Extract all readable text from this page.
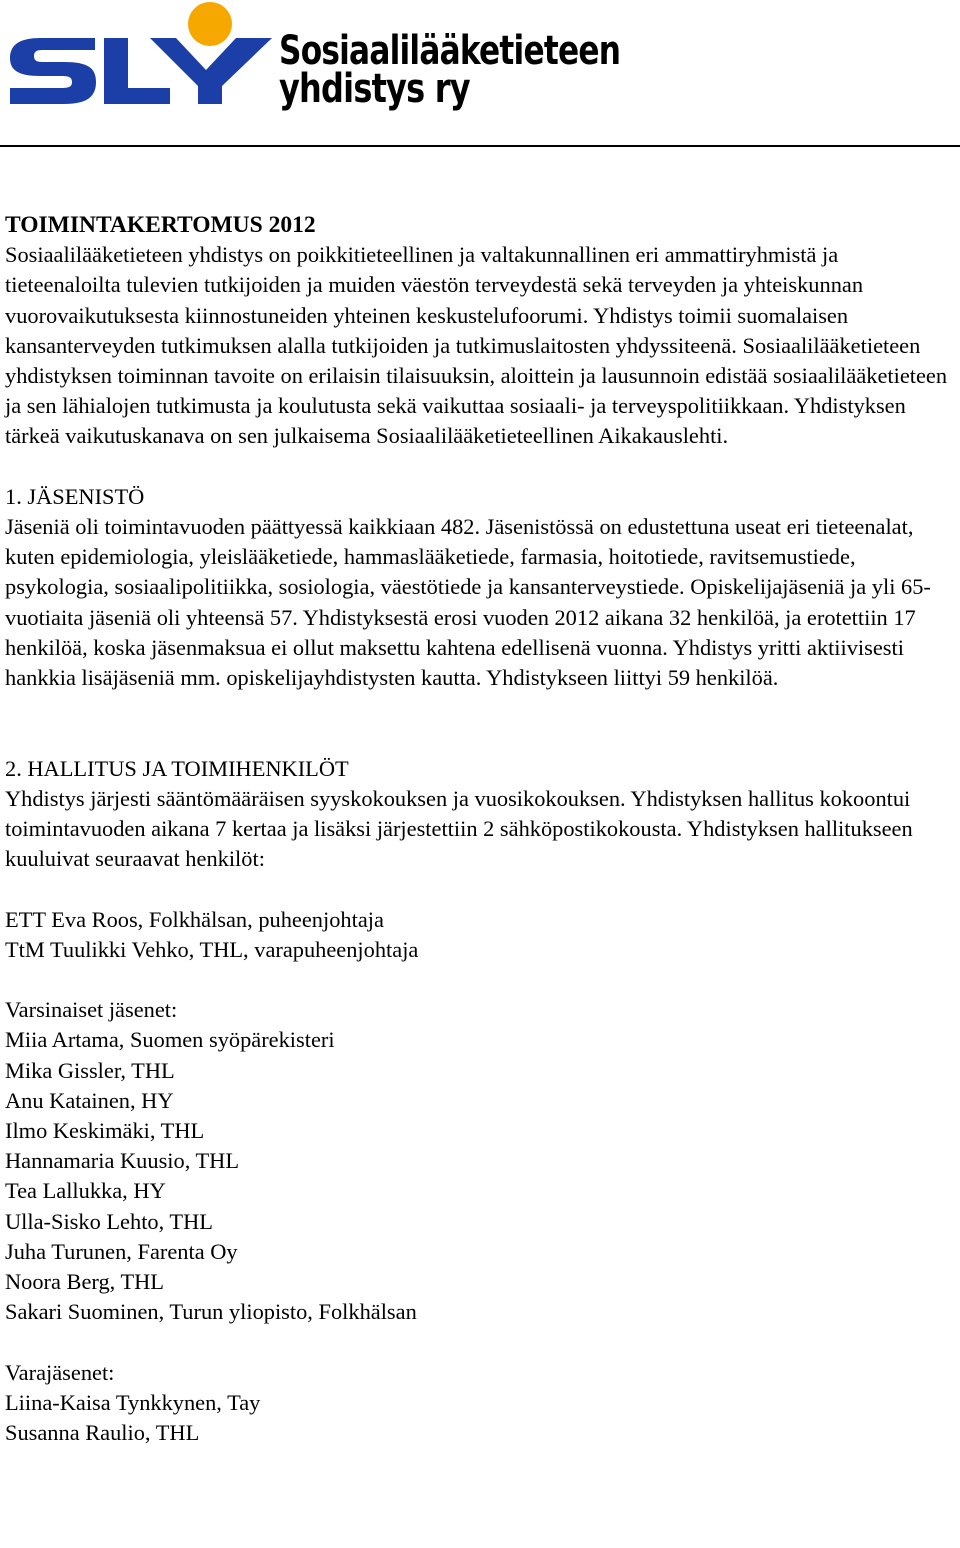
Sosiaalilääketieteen
yhdistys ry

TOIMINTAKERTOMUS 2012

Sosiaalilääketieteen yhdistys on poikkitieteellinen ja valtakunnallinen eri ammattiryhmistä ja tieteenaloilta tulevien tutkijoiden ja muiden väestön terveydestä sekä terveyden ja yhteiskunnan vuorovaikutuksesta kiinnostuneiden yhteinen keskustelufoorumi. Yhdistys toimii suomalaisen kansanterveyden tutkimuksen alalla tutkijoiden ja tutkimuslaitosten yhdyssiteenä. Sosiaalilääketieteen yhdistyksen toiminnan tavoite on erilaisin tilaisuuksin, aloittein ja lausunnoin edistää sosiaalilääketieteen ja sen lähialojen tutkimusta ja koulutusta sekä vaikuttaa sosiaali- ja terveyspolitiikkaan. Yhdistyksen tärkeä vaikutuskanava on sen julkaisema Sosiaalilääketieteellinen Aikakauslehti.

1. JÄSENISTÖ

Jäseniä oli toimintavuoden päättyessä kaikkiaan 482. Jäsenistössä on edustettuna useat eri tieteenalat, kuten epidemiologia, yleislääketiede, hammaslääketiede, farmasia, hoitotiede, ravitsemustiede, psykologia, sosiaalipolitiikka, sosiologia, väestötiede ja kansanterveystiede. Opiskelijajäseniä ja yli 65-vuotiaita jäseniä oli yhteensä 57. Yhdistyksestä erosi vuoden 2012 aikana 32 henkilöä, ja erotettiin 17 henkilöä, koska jäsenmaksua ei ollut maksettu kahtena edellisenä vuonna. Yhdistys yritti aktiivisesti hankkia lisäjäseniä mm. opiskelijayhdistysten kautta. Yhdistykseen liittyi 59 henkilöä.

2. HALLITUS JA TOIMIHENKILÖT

Yhdistys järjesti sääntömääräisen syyskokouksen ja vuosikokouksen. Yhdistyksen hallitus kokoontui toimintavuoden aikana 7 kertaa ja lisäksi järjestettiin 2 sähköpostikokousta. Yhdistyksen hallitukseen kuuluivat seuraavat henkilöt:

ETT Eva Roos, Folkhälsan, puheenjohtaja
TtM Tuulikki Vehko, THL, varapuheenjohtaja

Varsinaiset jäsenet:

Miia Artama, Suomen syöpärekisteri
Mika Gissler, THL
Anu Katainen, HY
Ilmo Keskimäki, THL
Hannamaria Kuusio, THL
Tea Lallukka, HY
Ulla-Sisko Lehto, THL
Juha Turunen, Farenta Oy
Noora Berg, THL
Sakari Suominen, Turun yliopisto, Folkhälsan

Varajäsenet:

Liina-Kaisa Tynkkynen, Tay
Susanna Raulio, THL
